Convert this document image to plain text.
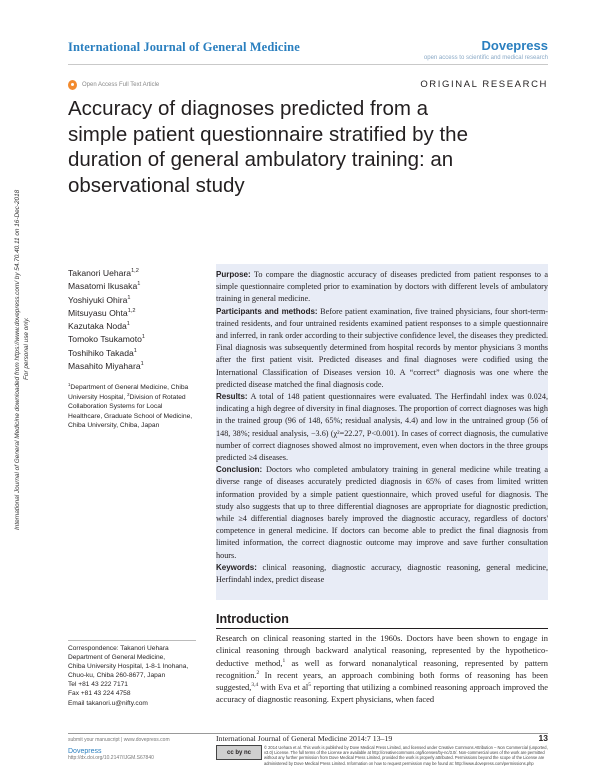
International Journal of General Medicine	Dovepress
open access to scientific and medical research
Open Access Full Text Article	ORIGINAL RESEARCH
Accuracy of diagnoses predicted from a simple patient questionnaire stratified by the duration of general ambulatory training: an observational study
International Journal of General Medicine downloaded from https://www.dovepress.com/ by 54.70.40.11 on 16-Dec-2018 For personal use only.
Takanori Uehara$^{1,2}$
Masatomi Ikusaka$^1$
Yoshiyuki Ohira$^1$
Mitsuyasu Ohta$^{1,2}$
Kazutaka Noda$^1$
Tomoko Tsukamoto$^1$
Toshihiko Takada$^1$
Masahito Miyahara$^1$
$^1$Department of General Medicine, Chiba University Hospital, $^2$Division of Rotated Collaboration Systems for Local Healthcare, Graduate School of Medicine, Chiba University, Chiba, Japan

Purpose: To compare the diagnostic accuracy of diseases predicted from patient responses to a simple questionnaire completed prior to examination by doctors with different levels of ambulatory training in general medicine.

Participants and methods: Before patient examination, five trained physicians, four short-term-trained residents, and four untrained residents examined patient responses to a simple questionnaire and inferred, in rank order according to their subjective confidence level, the diseases they predicted. Final diagnosis was subsequently determined from hospital records by mentor physicians 3 months after the first patient visit. Predicted diseases and final diagnoses were codified using the International Classification of Diseases version 10. A “correct” diagnosis was one where the predicted disease matched the final diagnosis code.

Results: A total of 148 patient questionnaires were evaluated. The Herfindahl index was 0.024, indicating a high degree of diversity in final diagnoses. The proportion of correct diagnoses was high in the trained group (96 of 148, 65%; residual analysis, 4.4) and low in the untrained group (56 of 148, 38%; residual analysis, −3.6) (χ²=22.27, P<0.001). In cases of correct diagnosis, the cumulative number of correct diagnoses showed almost no improvement, even when doctors in the three groups predicted ≥4 diseases.

Conclusion: Doctors who completed ambulatory training in general medicine while treating a diverse range of diseases accurately predicted diagnosis in 65% of cases from limited written information provided by a simple patient questionnaire, which proved useful for diagnosis. The study also suggests that up to three differential diagnoses are appropriate for diagnostic prediction, while ≥4 differential diagnoses barely improved the diagnostic accuracy, regardless of doctors' competence in general medicine. If doctors can become able to predict the final diagnosis from limited information, the correct diagnostic outcome may improve and save further consultation hours.

Keywords: clinical reasoning, diagnostic accuracy, diagnostic reasoning, general medicine, Herfindahl index, predict disease

Introduction

Research on clinical reasoning started in the 1960s. Doctors have been shown to engage in clinical reasoning through backward analytical reasoning, represented by the hypothetico-deductive method,$^1$ as well as forward nonanalytical reasoning, represented by pattern recognition.$^2$ In recent years, an approach combining both forms of reasoning has been suggested,$^{3,4}$ with Eva et $al^5$ reporting that utilizing a combined reasoning approach improved the accuracy of diagnostic reasoning. Expert physicians, when faced

Correspondence: Takanori Uehara
Department of General Medicine,
Chiba University Hospital, 1-8-1 Inohana,
Chuo-ku, Chiba 260-8677, Japan
Tel +81 43 222 7171
Fax +81 43 224 4758
Email takanori.u@nifty.com
submit your manuscript | www.dovepress.com
Dovepress
http://dx.doi.org/10.2147/IJGM.S67840
International Journal of General Medicine 2014:7 13–19	13
cc by nc
© 2014 Uehara et al. This work is published by Dove Medical Press Limited, and licensed under Creative Commons Attribution – Non Commercial (unported, v3.0) License. The full terms of the License are available at http://creativecommons.org/licenses/by-nc/3.0/. Non-commercial uses of the work are permitted without any further permission from Dove Medical Press Limited, provided the work is properly attributed. Permissions beyond the scope of the License are administered by Dove Medical Press Limited. Information on how to request permission may be found at: http://www.dovepress.com/permissions.php
